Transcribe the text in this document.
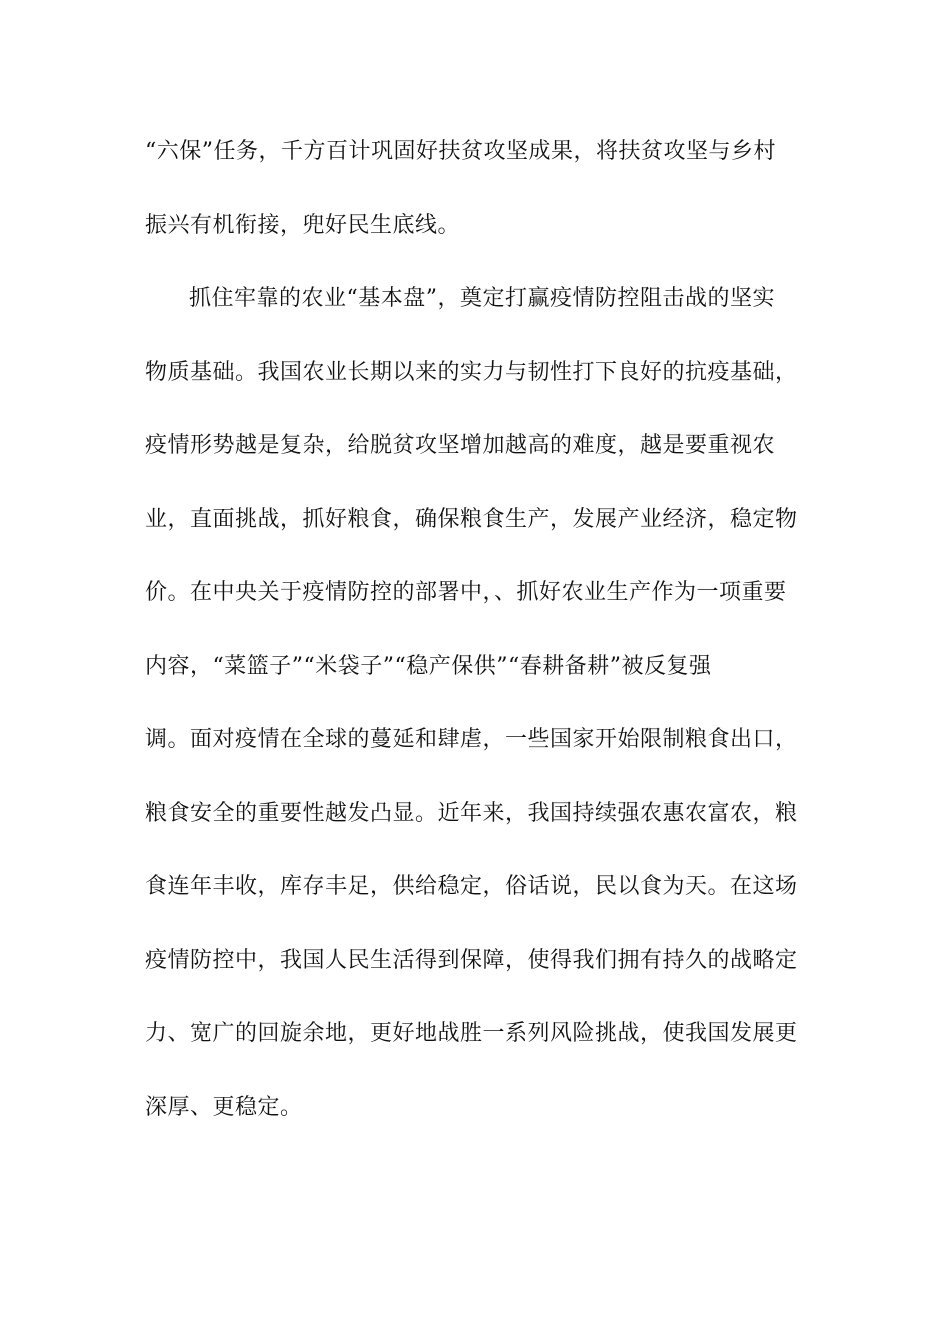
“六保”任务，千方百计巩固好扶贫攻坚成果，将扶贫攻坚与乡村
振兴有机衔接，兜好民生底线。
抓住牢靠的农业“基本盘”，奠定打赢疫情防控阻击战的坚实
物质基础。我国农业长期以来的实力与韧性打下良好的抗疫基础，
疫情形势越是复杂，给脱贫攻坚增加越高的难度，越是要重视农
业，直面挑战，抓好粮食，确保粮食生产，发展产业经济，稳定物
价。在中央关于疫情防控的部署中，、抓好农业生产作为一项重要
内容，“菜篮子”“米袋子”“稳产保供”“春耕备耕”被反复强
调。面对疫情在全球的蔓延和肆虐，一些国家开始限制粮食出口，
粮食安全的重要性越发凸显。近年来，我国持续强农惠农富农，粮
食连年丰收，库存丰足，供给稳定，俗话说，民以食为天。在这场
疫情防控中，我国人民生活得到保障，使得我们拥有持久的战略定
力、宽广的回旋余地，更好地战胜一系列风险挑战，使我国发展更
深厚、更稳定。
